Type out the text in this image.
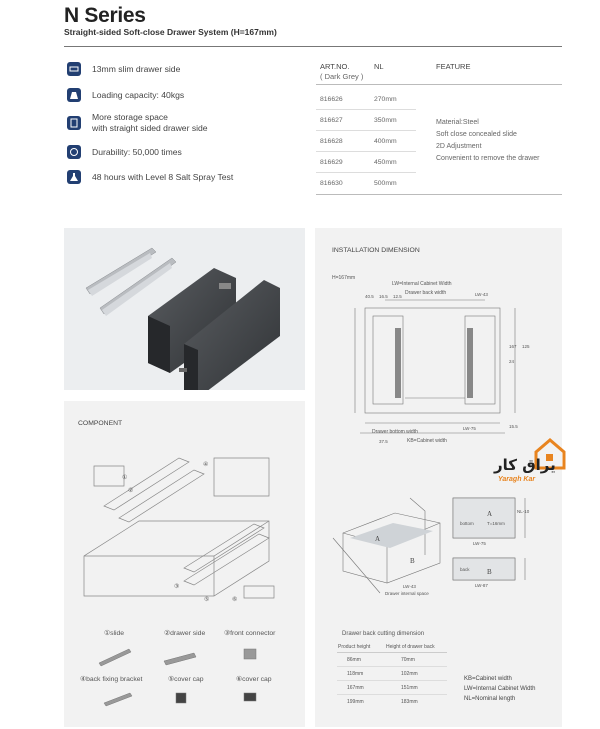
N Series
Straight-sided Soft-close Drawer System (H=167mm)
13mm slim drawer side
Loading capacity: 40kgs
More storage space
with straight sided drawer side
Durability: 50,000 times
48 hours with Level 8 Salt Spray Test
ART.NO.
( Dark Grey )
NL	FEATURE
816626	270mm
816627	350mm
816628	400mm
816629	450mm
816630	500mm
Material:Steel
Soft close concealed slide
2D Adjustment
Convenient to remove the drawer
COMPONENT
①
②
④
③
⑤	⑥
①slide	②drawer side	③front connector
④back fixing bracket	⑤cover cap	⑥cover cap
INSTALLATION DIMENSION
H=167mm
LW=Internal Cabinet Width
Drawer back width
40.5 16.5 12.5	LW-43
167
24
125
15.5
LW-75
37.5
Drawer bottom width
KB=Cabinet width
A
B
A
B
bottom
back
T=16mm
LW-75
LW-87
NL-10
LW-43
Drawer internal space
Drawer back cutting dimension
Product height	Height of drawer back
86mm	70mm
118mm	102mm
167mm	151mm
199mm	183mm
KB=Cabinet width
LW=Internal Cabinet Width
NL=Nominal length
یراق کار
Yaragh Kar
